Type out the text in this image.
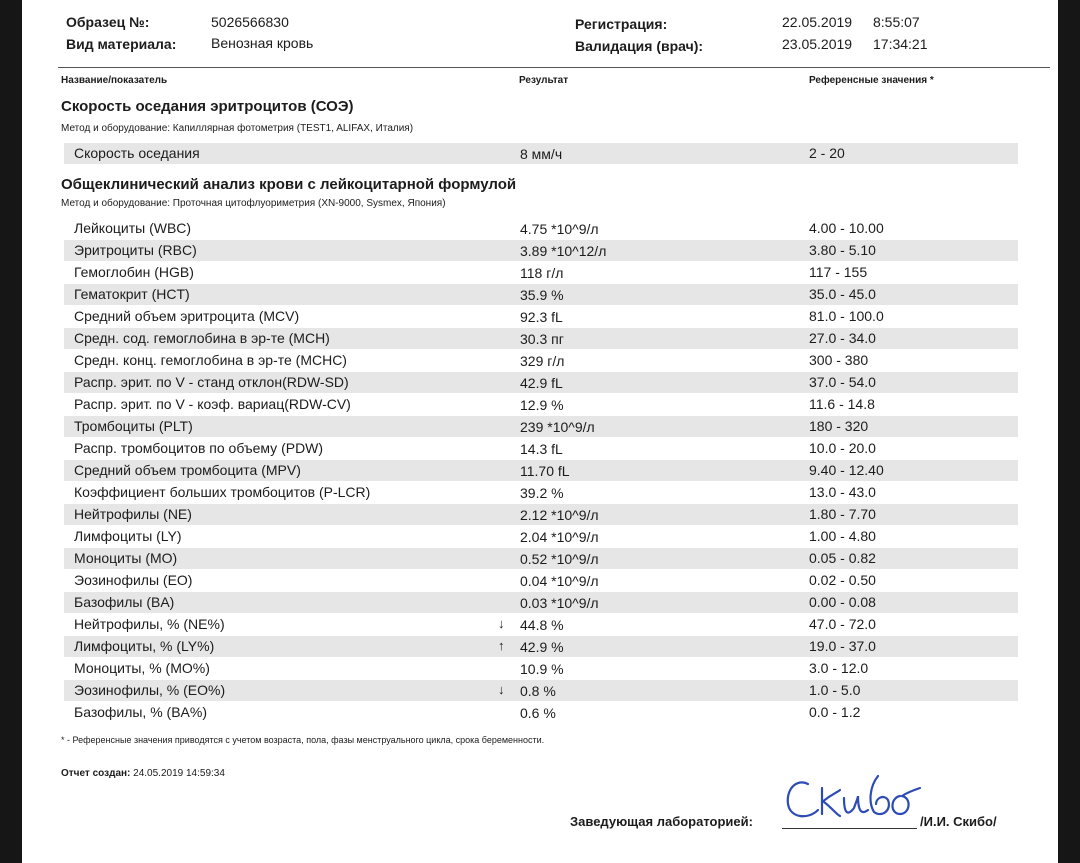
Образец №:	5026566830
Вид материала: Венозная кровь
Регистрация:	22.05.2019 8:55:07
Валидация (врач):	23.05.2019 17:34:21
Название/показатель	Результат	Референсные значения *
Скорость оседания эритроцитов (СОЭ)
Метод и оборудование: Капиллярная фотометрия (TEST1, ALIFAX, Италия)
Скорость оседания	8 мм/ч	2 - 20
Общеклинический анализ крови с лейкоцитарной формулой
Метод и оборудование: Проточная цитофлуориметрия (XN-9000, Sysmex, Япония)
Лейкоциты (WBC)	4.75 *10^9/л	4.00 - 10.00
Эритроциты (RBC)	3.89 *10^12/л	3.80 - 5.10
Гемоглобин (HGB)	118 г/л	117 - 155
Гематокрит (HCT)	35.9 %	35.0 - 45.0
Средний объем эритроцита (MCV)	92.3 fL	81.0 - 100.0
Средн. сод. гемоглобина в эр-те (MCH)	30.3 пг	27.0 - 34.0
Средн. конц. гемоглобина в эр-те (MCHC)	329 г/л	300 - 380
Распр. эрит. по V - станд отклон(RDW-SD)	42.9 fL	37.0 - 54.0
Распр. эрит. по V - коэф. вариац(RDW-CV)	12.9 %	11.6 - 14.8
Тромбоциты (PLT)	239 *10^9/л	180 - 320
Распр. тромбоцитов по объему (PDW)	14.3 fL	10.0 - 20.0
Средний объем тромбоцита (MPV)	11.70 fL	9.40 - 12.40
Коэффициент больших тромбоцитов (P-LCR)	39.2 %	13.0 - 43.0
Нейтрофилы (NE)	2.12 *10^9/л	1.80 - 7.70
Лимфоциты (LY)	2.04 *10^9/л	1.00 - 4.80
Моноциты (MO)	0.52 *10^9/л	0.05 - 0.82
Эозинофилы (EO)	0.04 *10^9/л	0.02 - 0.50
Базофилы (BA)	0.03 *10^9/л	0.00 - 0.08
Нейтрофилы, % (NE%)	↓ 44.8 %	47.0 - 72.0
Лимфоциты, % (LY%)	↑ 42.9 %	19.0 - 37.0
Моноциты, % (MO%)	10.9 %	3.0 - 12.0
Эозинофилы, % (EO%)	↓ 0.8 %	1.0 - 5.0
Базофилы, % (BA%)	0.6 %	0.0 - 1.2
* - Референсные значения приводятся с учетом возраста, пола, фазы менструального цикла, срока беременности.
Отчет создан: 24.05.2019 14:59:34
Заведующая лабораторией:	/И.И. Скибо/
